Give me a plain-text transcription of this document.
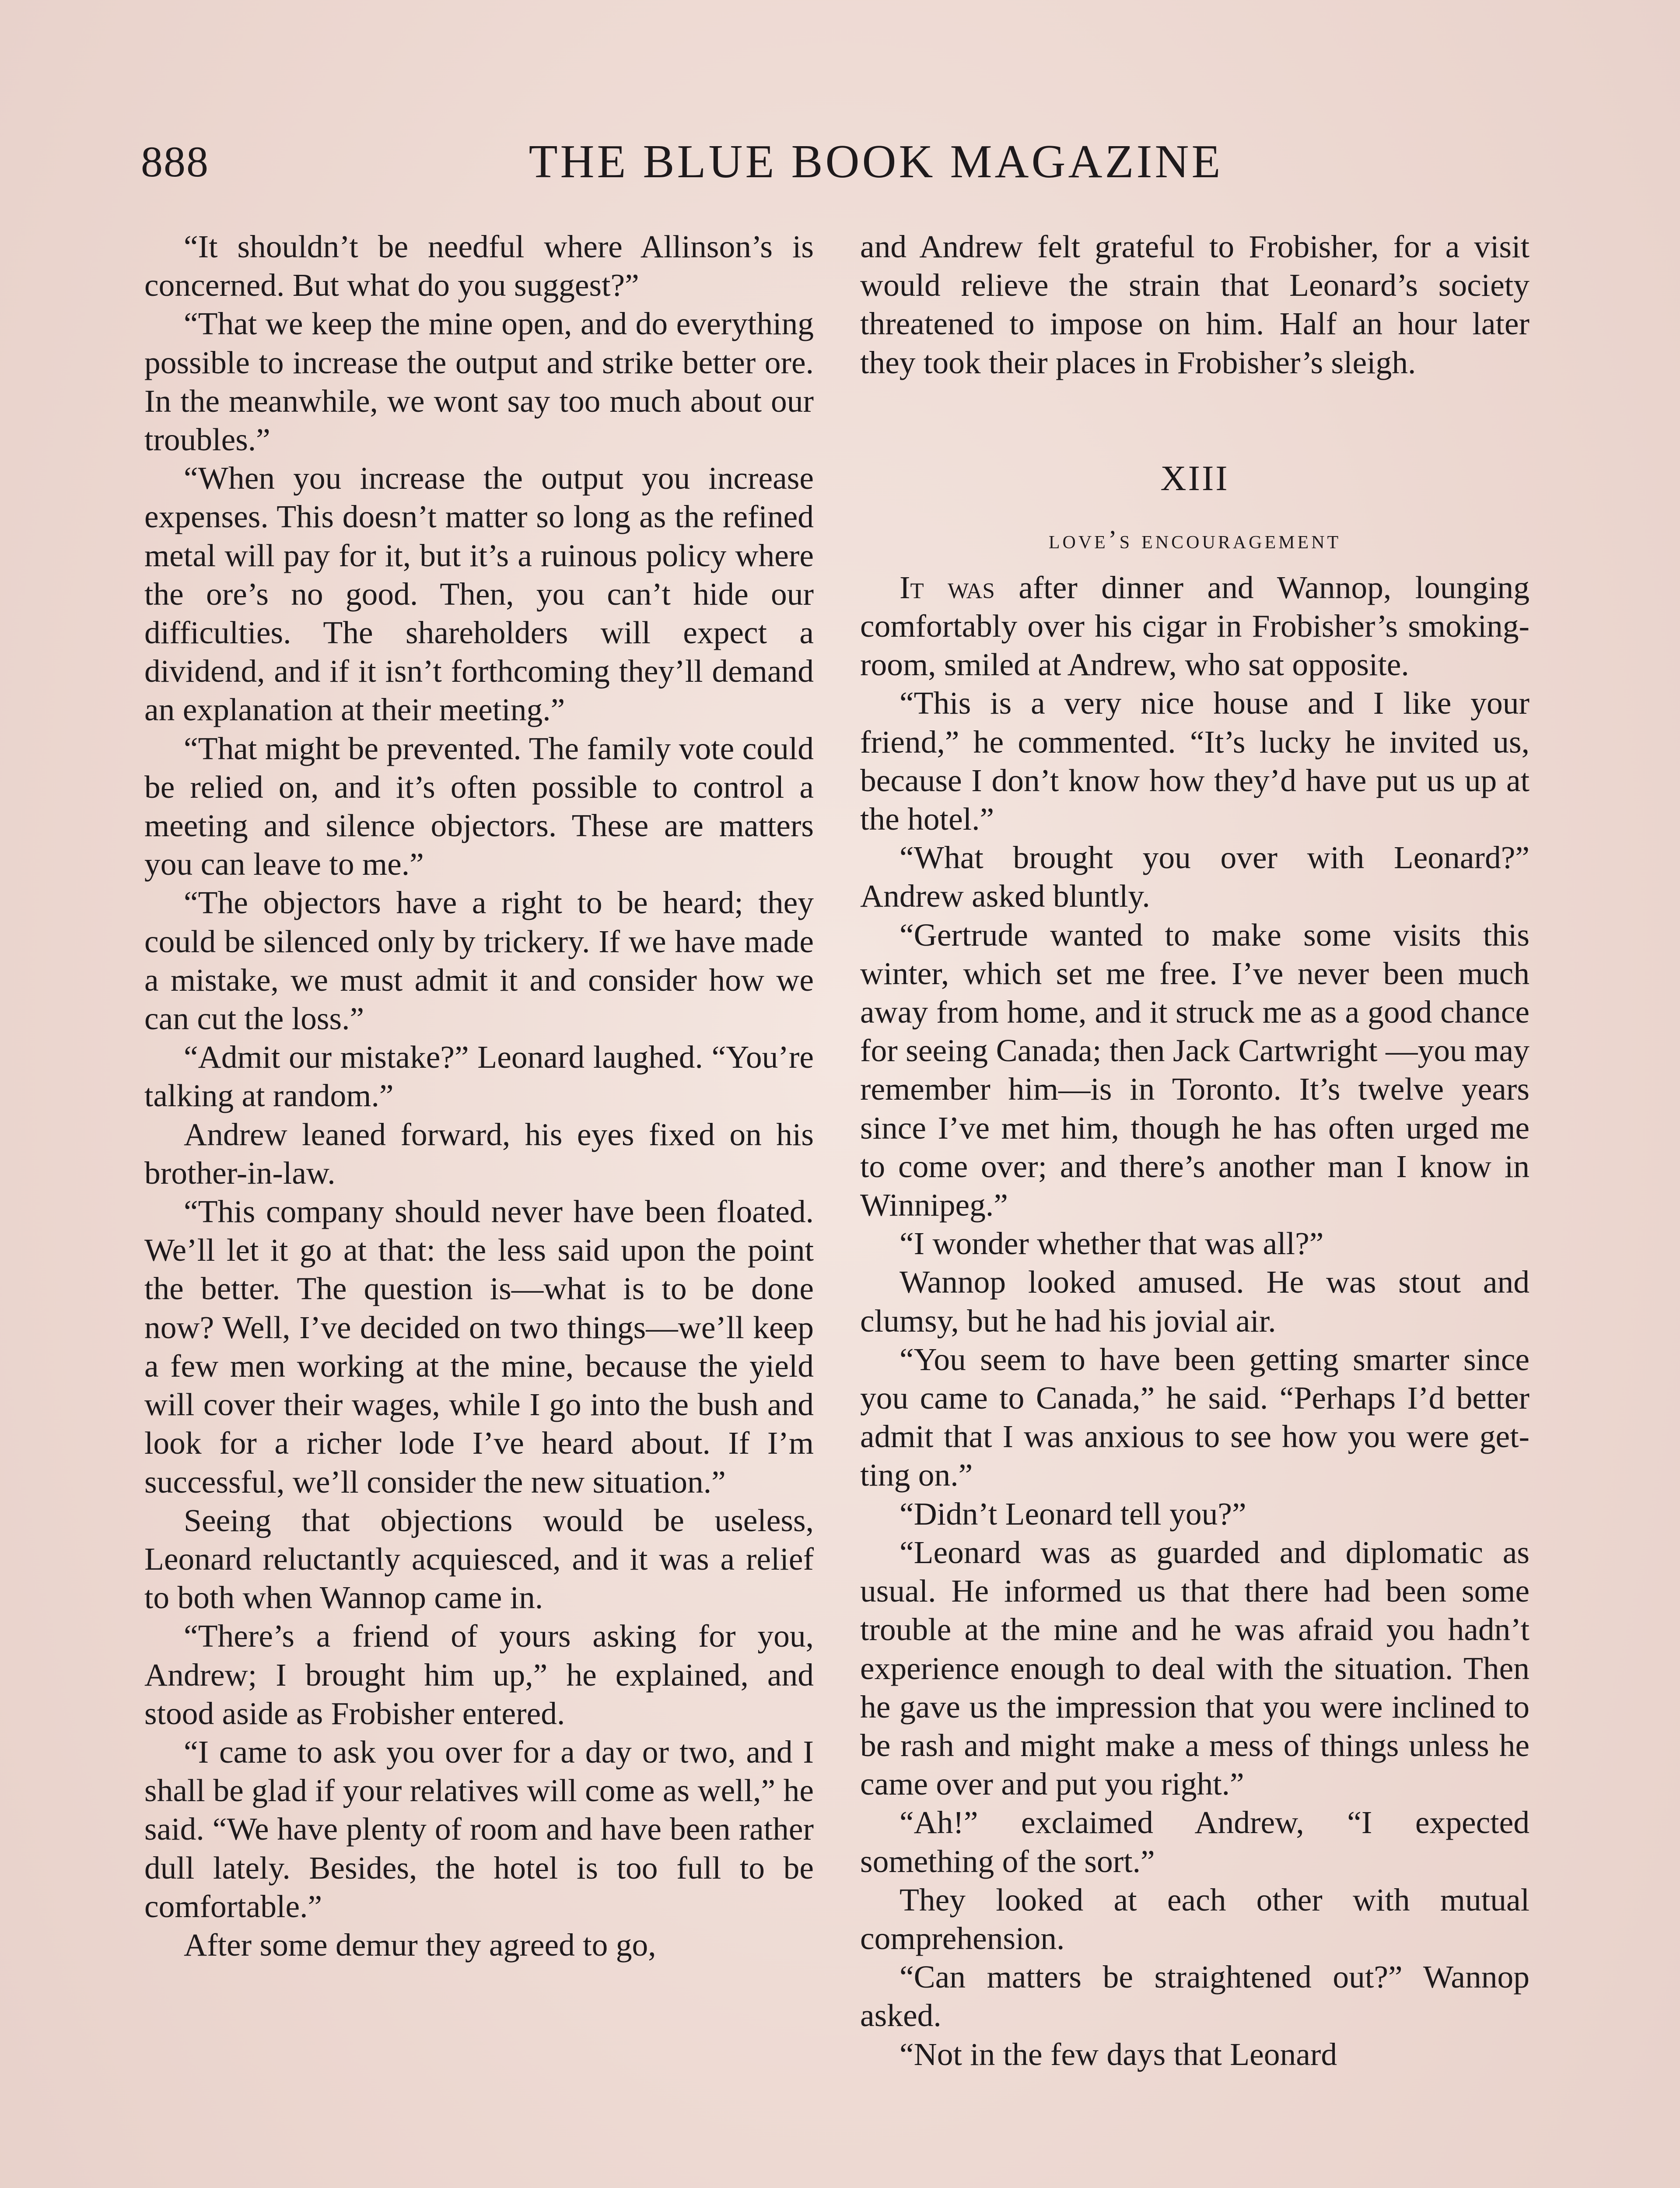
888	THE BLUE BOOK MAGAZINE

“It shouldn’t be needful where Allinson’s is concerned. But what do you suggest?”

“That we keep the mine open, and do everything possible to increase the output and strike better ore. In the meanwhile, we wont say too much about our troubles.”

“When you increase the output you increase expenses. This doesn’t matter so long as the refined metal will pay for it, but it’s a ruinous policy where the ore’s no good. Then, you can’t hide our difficulties. The shareholders will expect a dividend, and if it isn’t forthcoming they’ll demand an explanation at their meeting.”

“That might be prevented. The family vote could be relied on, and it’s often possible to control a meeting and silence objectors. These are matters you can leave to me.”

“The objectors have a right to be heard; they could be silenced only by trickery. If we have made a mistake, we must admit it and consider how we can cut the loss.”

“Admit our mistake?” Leonard laughed. “You’re talking at random.”

Andrew leaned forward, his eyes fixed on his brother-in-law.

“This company should never have been floated. We’ll let it go at that: the less said upon the point the better. The question is—what is to be done now? Well, I’ve decided on two things—we’ll keep a few men working at the mine, because the yield will cover their wages, while I go into the bush and look for a richer lode I’ve heard about. If I’m successful, we’ll consider the new situation.”

Seeing that objections would be useless, Leonard reluctantly acquiesced, and it was a relief to both when Wannop came in.

“There’s a friend of yours asking for you, Andrew; I brought him up,” he explained, and stood aside as Frobisher entered.

“I came to ask you over for a day or two, and I shall be glad if your relatives will come as well,” he said. “We have plenty of room and have been rather dull lately. Besides, the hotel is too full to be comfortable.”

After some demur they agreed to go,

and Andrew felt grateful to Frobisher, for a visit would relieve the strain that Leonard’s society threatened to impose on him. Half an hour later they took their places in Frobisher’s sleigh.

XIII
love’s encouragement

It was after dinner and Wannop, lounging comfortably over his cigar in Frobisher’s smoking-room, smiled at Andrew, who sat opposite.

“This is a very nice house and I like your friend,” he commented. “It’s lucky he invited us, because I don’t know how they’d have put us up at the hotel.”

“What brought you over with Leonard?” Andrew asked bluntly.

“Gertrude wanted to make some visits this winter, which set me free. I’ve never been much away from home, and it struck me as a good chance for seeing Canada; then Jack Cartwright —you may remember him—is in Toronto. It’s twelve years since I’ve met him, though he has often urged me to come over; and there’s another man I know in Winnipeg.”

“I wonder whether that was all?”

Wannop looked amused. He was stout and clumsy, but he had his jovial air.

“You seem to have been getting smarter since you came to Canada,” he said. “Perhaps I’d better admit that I was anxious to see how you were getting on.”

“Didn’t Leonard tell you?”

“Leonard was as guarded and diplomatic as usual. He informed us that there had been some trouble at the mine and he was afraid you hadn’t experience enough to deal with the situation. Then he gave us the impression that you were inclined to be rash and might make a mess of things unless he came over and put you right.”

“Ah!” exclaimed Andrew, “I expected something of the sort.”

They looked at each other with mutual comprehension.

“Can matters be straightened out?” Wannop asked.

“Not in the few days that Leonard
